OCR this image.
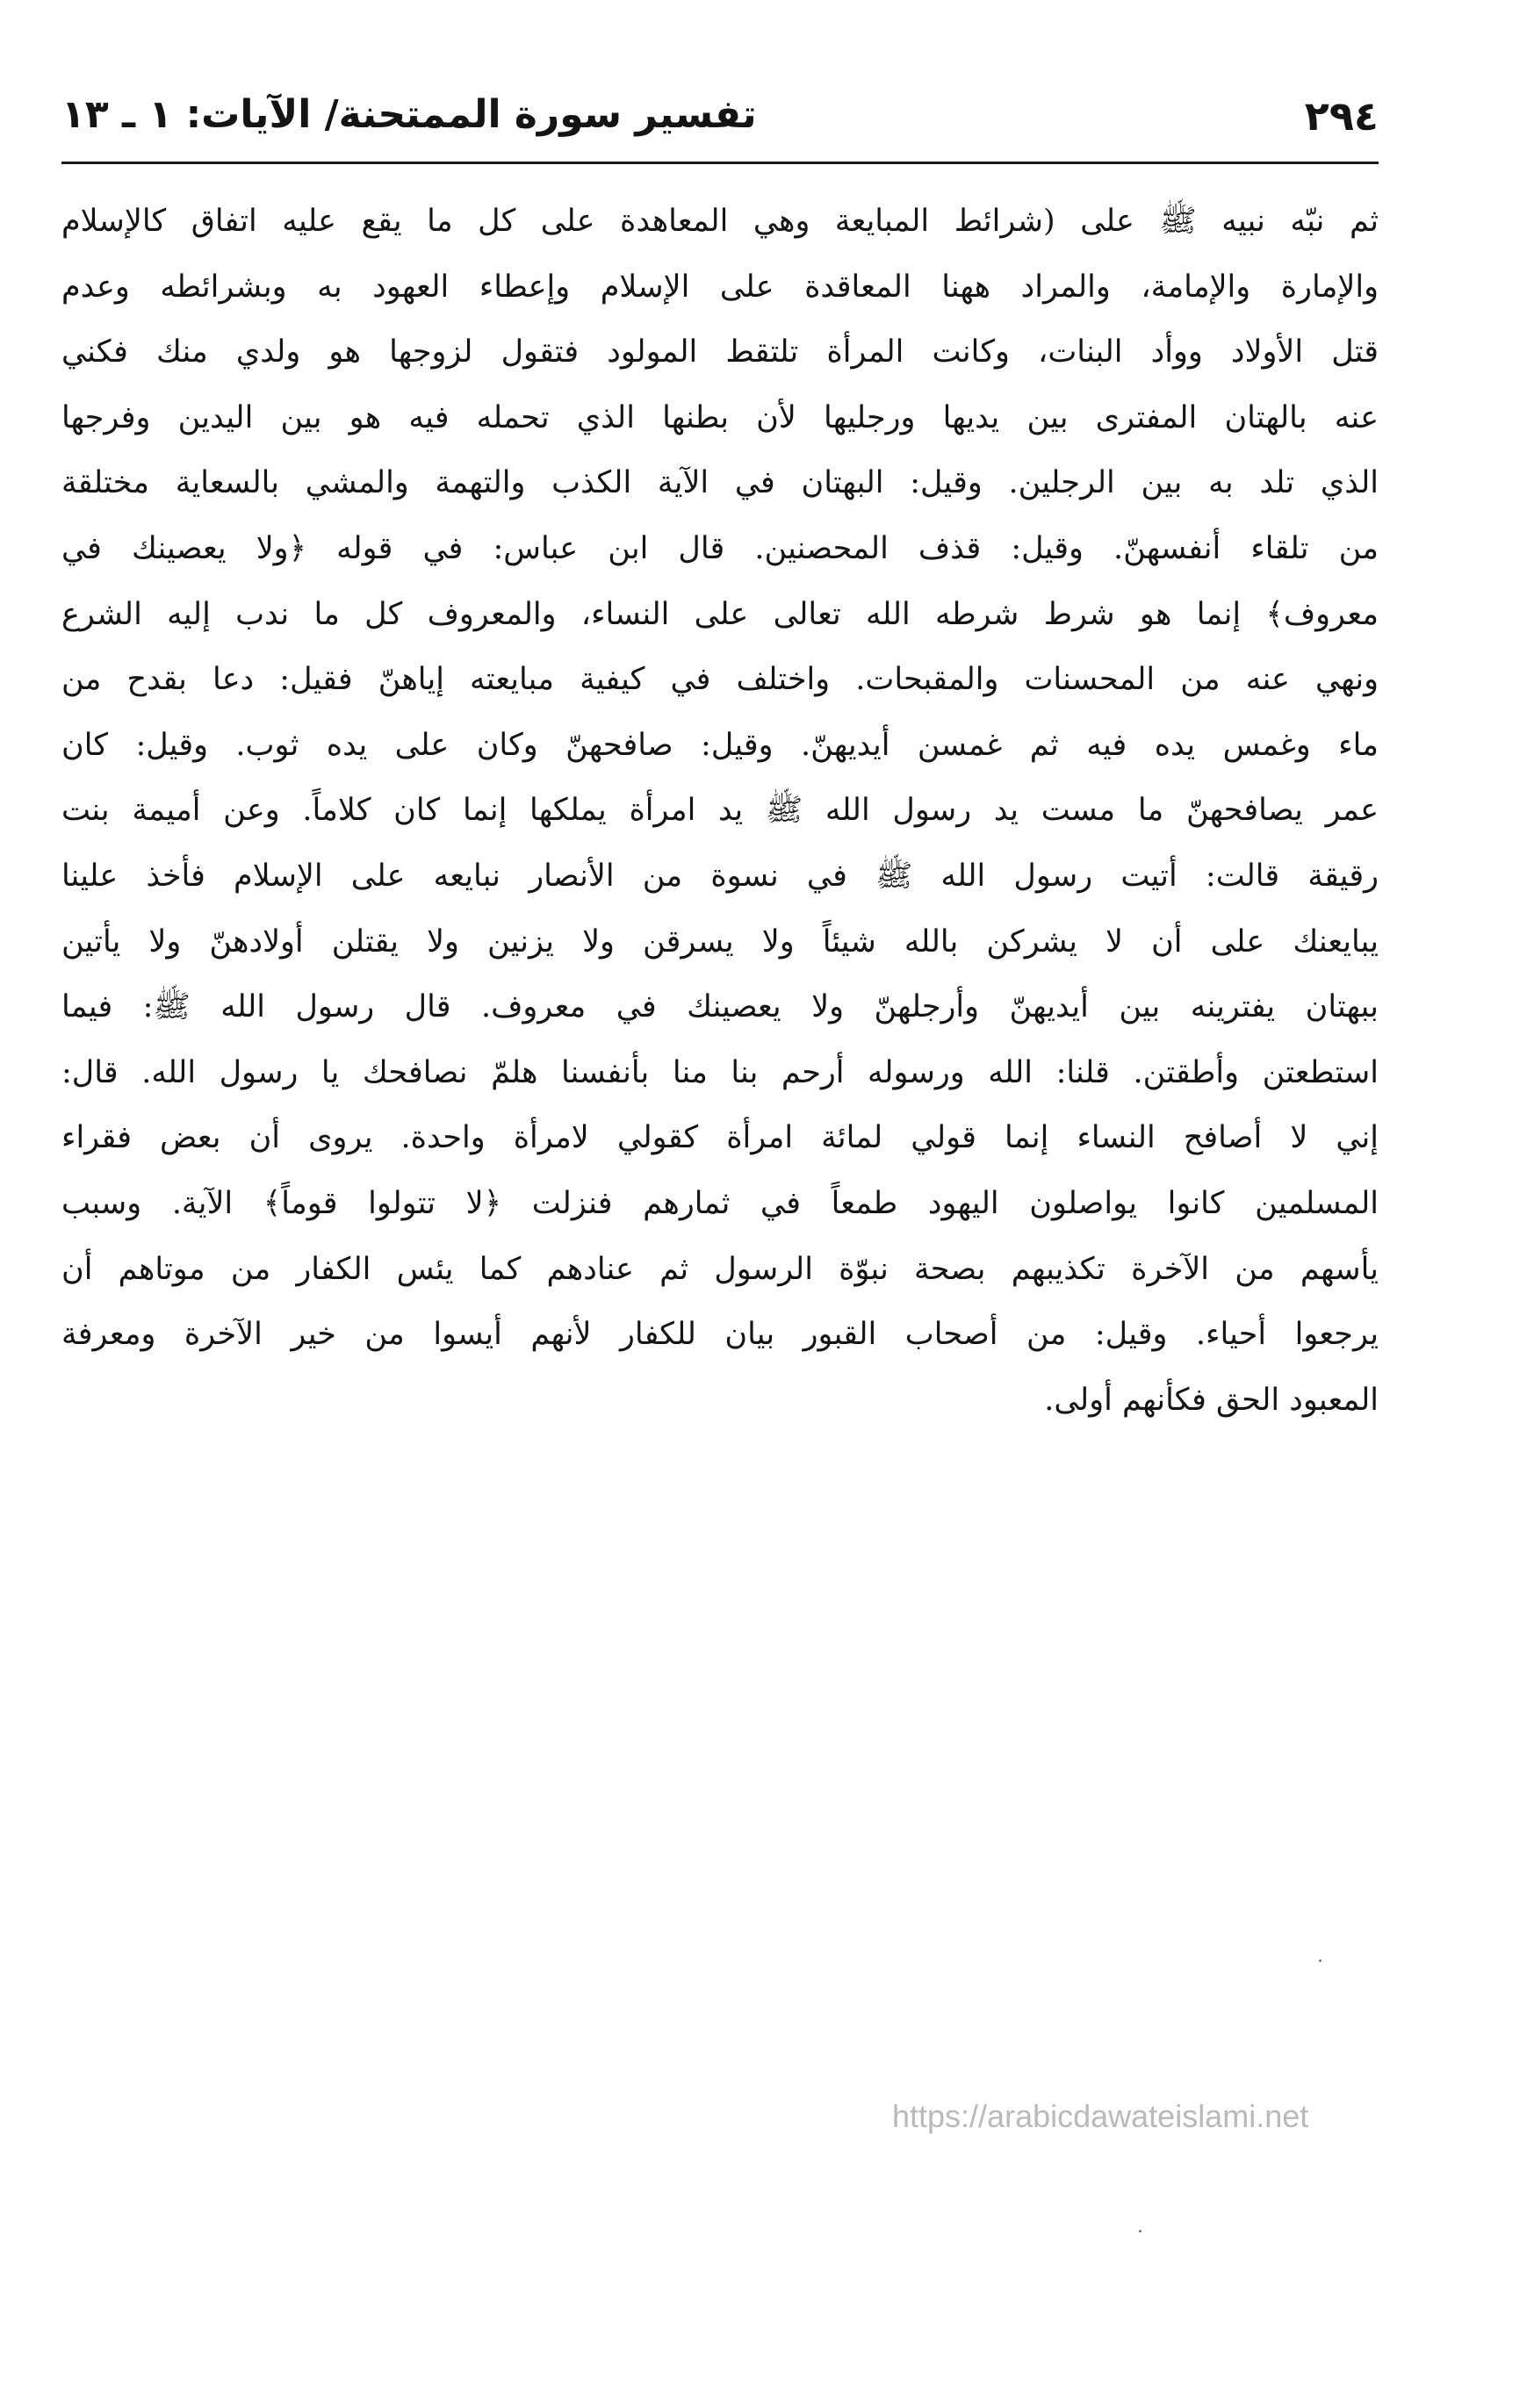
٢٩٤
تفسير سورة الممتحنة/ الآيات: ١ ـ ١٣
ثم نبّه نبيه ﷺ على (شرائط المبايعة وهي المعاهدة على كل ما يقع عليه اتفاق كالإسلام
والإمارة والإمامة، والمراد ههنا المعاقدة على الإسلام وإعطاء العهود به وبشرائطه وعدم
قتل الأولاد ووأد البنات، وكانت المرأة تلتقط المولود فتقول لزوجها هو ولدي منك فكني
عنه بالهتان المفترى بين يديها ورجليها لأن بطنها الذي تحمله فيه هو بين اليدين وفرجها
الذي تلد به بين الرجلين. وقيل: البهتان في الآية الكذب والتهمة والمشي بالسعاية مختلقة
من تلقاء أنفسهنّ. وقيل: قذف المحصنين. قال ابن عباس: في قوله ﴿ولا يعصينك في
معروف﴾ إنما هو شرط شرطه الله تعالى على النساء، والمعروف كل ما ندب إليه الشرع
ونهي عنه من المحسنات والمقبحات. واختلف في كيفية مبايعته إياهنّ فقيل: دعا بقدح من
ماء وغمس يده فيه ثم غمسن أيديهنّ. وقيل: صافحهنّ وكان على يده ثوب. وقيل: كان
عمر يصافحهنّ ما مست يد رسول الله ﷺ يد امرأة يملكها إنما كان كلاماً. وعن أميمة بنت
رقيقة قالت: أتيت رسول الله ﷺ في نسوة من الأنصار نبايعه على الإسلام فأخذ علينا
يبايعنك على أن لا يشركن بالله شيئاً ولا يسرقن ولا يزنين ولا يقتلن أولادهنّ ولا يأتين
ببهتان يفترينه بين أيديهنّ وأرجلهنّ ولا يعصينك في معروف. قال رسول الله ﷺ: فيما
استطعتن وأطقتن. قلنا: الله ورسوله أرحم بنا منا بأنفسنا هلمّ نصافحك يا رسول الله. قال:
إني لا أصافح النساء إنما قولي لمائة امرأة كقولي لامرأة واحدة. يروى أن بعض فقراء
المسلمين كانوا يواصلون اليهود طمعاً في ثمارهم فنزلت ﴿لا تتولوا قوماً﴾ الآية. وسبب
يأسهم من الآخرة تكذيبهم بصحة نبوّة الرسول ثم عنادهم كما يئس الكفار من موتاهم أن
يرجعوا أحياء. وقيل: من أصحاب القبور بيان للكفار لأنهم أيسوا من خير الآخرة ومعرفة
المعبود الحق فكأنهم أولى.
https://arabicdawateislami.net
